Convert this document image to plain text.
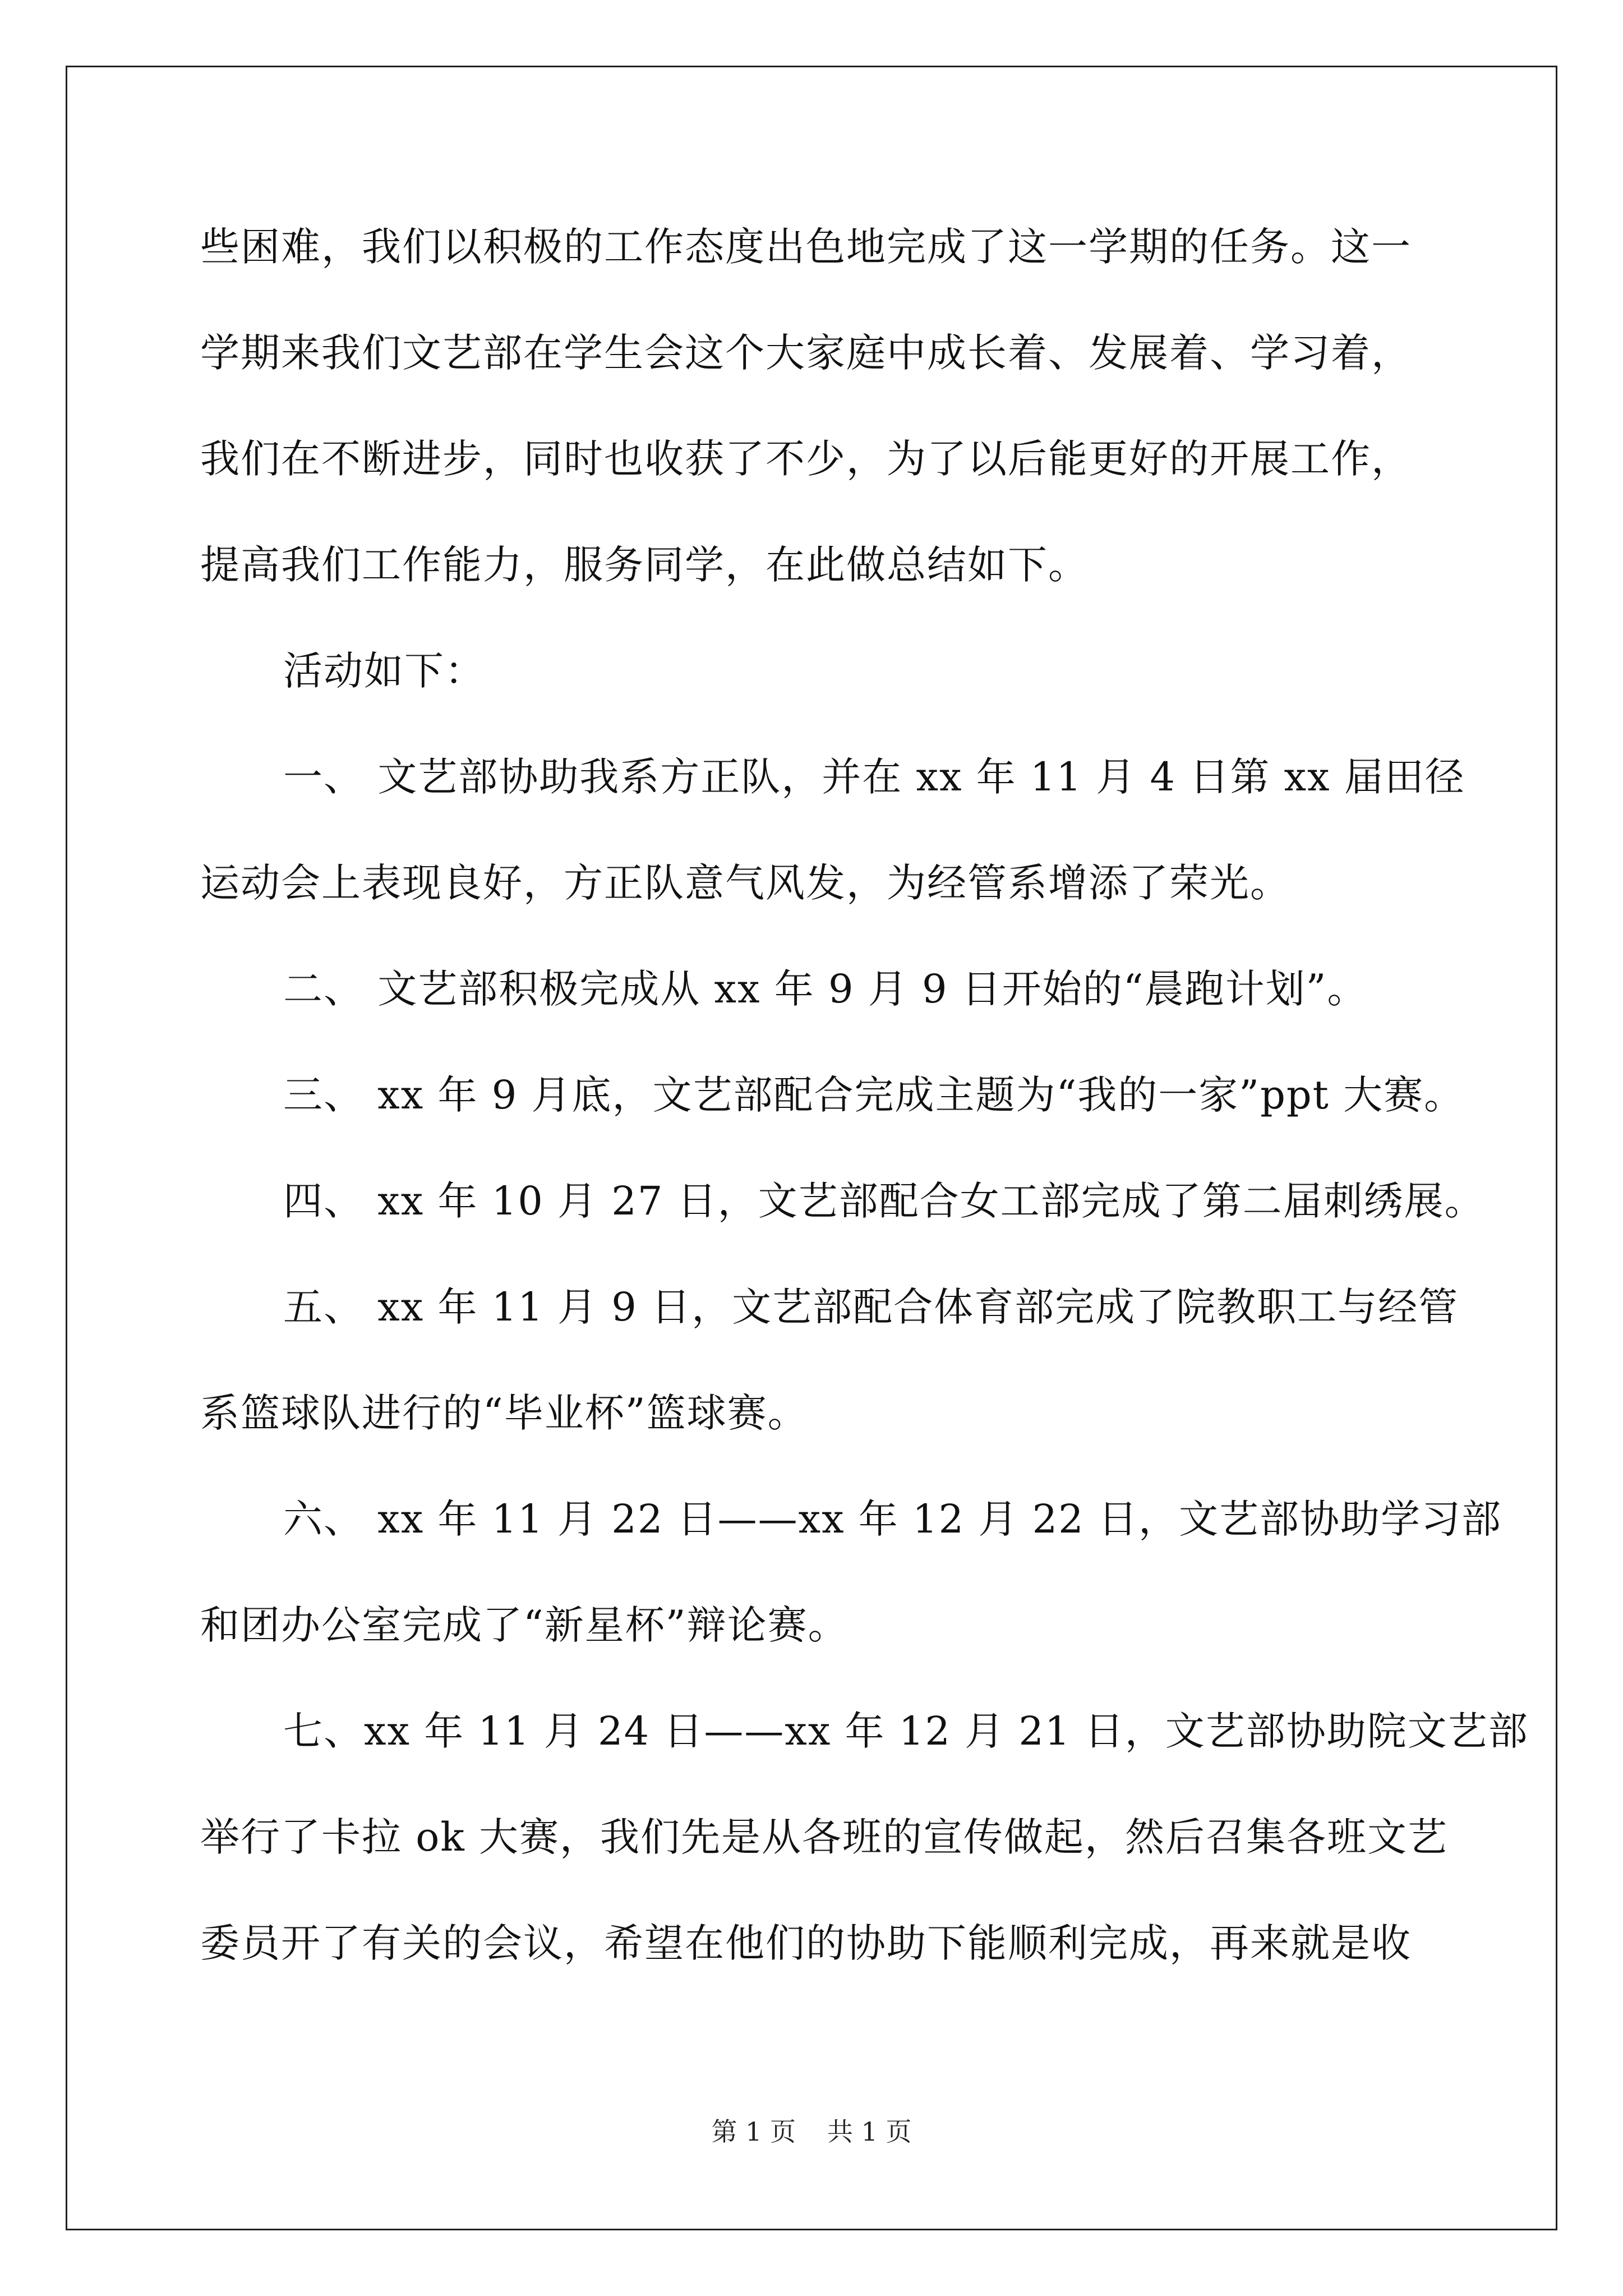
些困难，我们以积极的工作态度出色地完成了这一学期的任务。这一
学期来我们文艺部在学生会这个大家庭中成长着、发展着、学习着，
我们在不断进步，同时也收获了不少，为了以后能更好的开展工作，
提高我们工作能力，服务同学，在此做总结如下。
活动如下：
一、 文艺部协助我系方正队，并在 xx 年 11 月 4 日第 xx 届田径
运动会上表现良好，方正队意气风发，为经管系增添了荣光。
二、 文艺部积极完成从 xx 年 9 月 9 日开始的“晨跑计划”。
三、 xx 年 9 月底，文艺部配合完成主题为“我的一家”ppt 大赛。
四、 xx 年 10 月 27 日，文艺部配合女工部完成了第二届刺绣展。
五、 xx 年 11 月 9 日，文艺部配合体育部完成了院教职工与经管
系篮球队进行的“毕业杯”篮球赛。
六、 xx 年 11 月 22 日——xx 年 12 月 22 日，文艺部协助学习部
和团办公室完成了“新星杯”辩论赛。
七、xx 年 11 月 24 日——xx 年 12 月 21 日，文艺部协助院文艺部
举行了卡拉 ok 大赛，我们先是从各班的宣传做起，然后召集各班文艺
委员开了有关的会议，希望在他们的协助下能顺利完成，再来就是收
第 1 页 共 1 页
